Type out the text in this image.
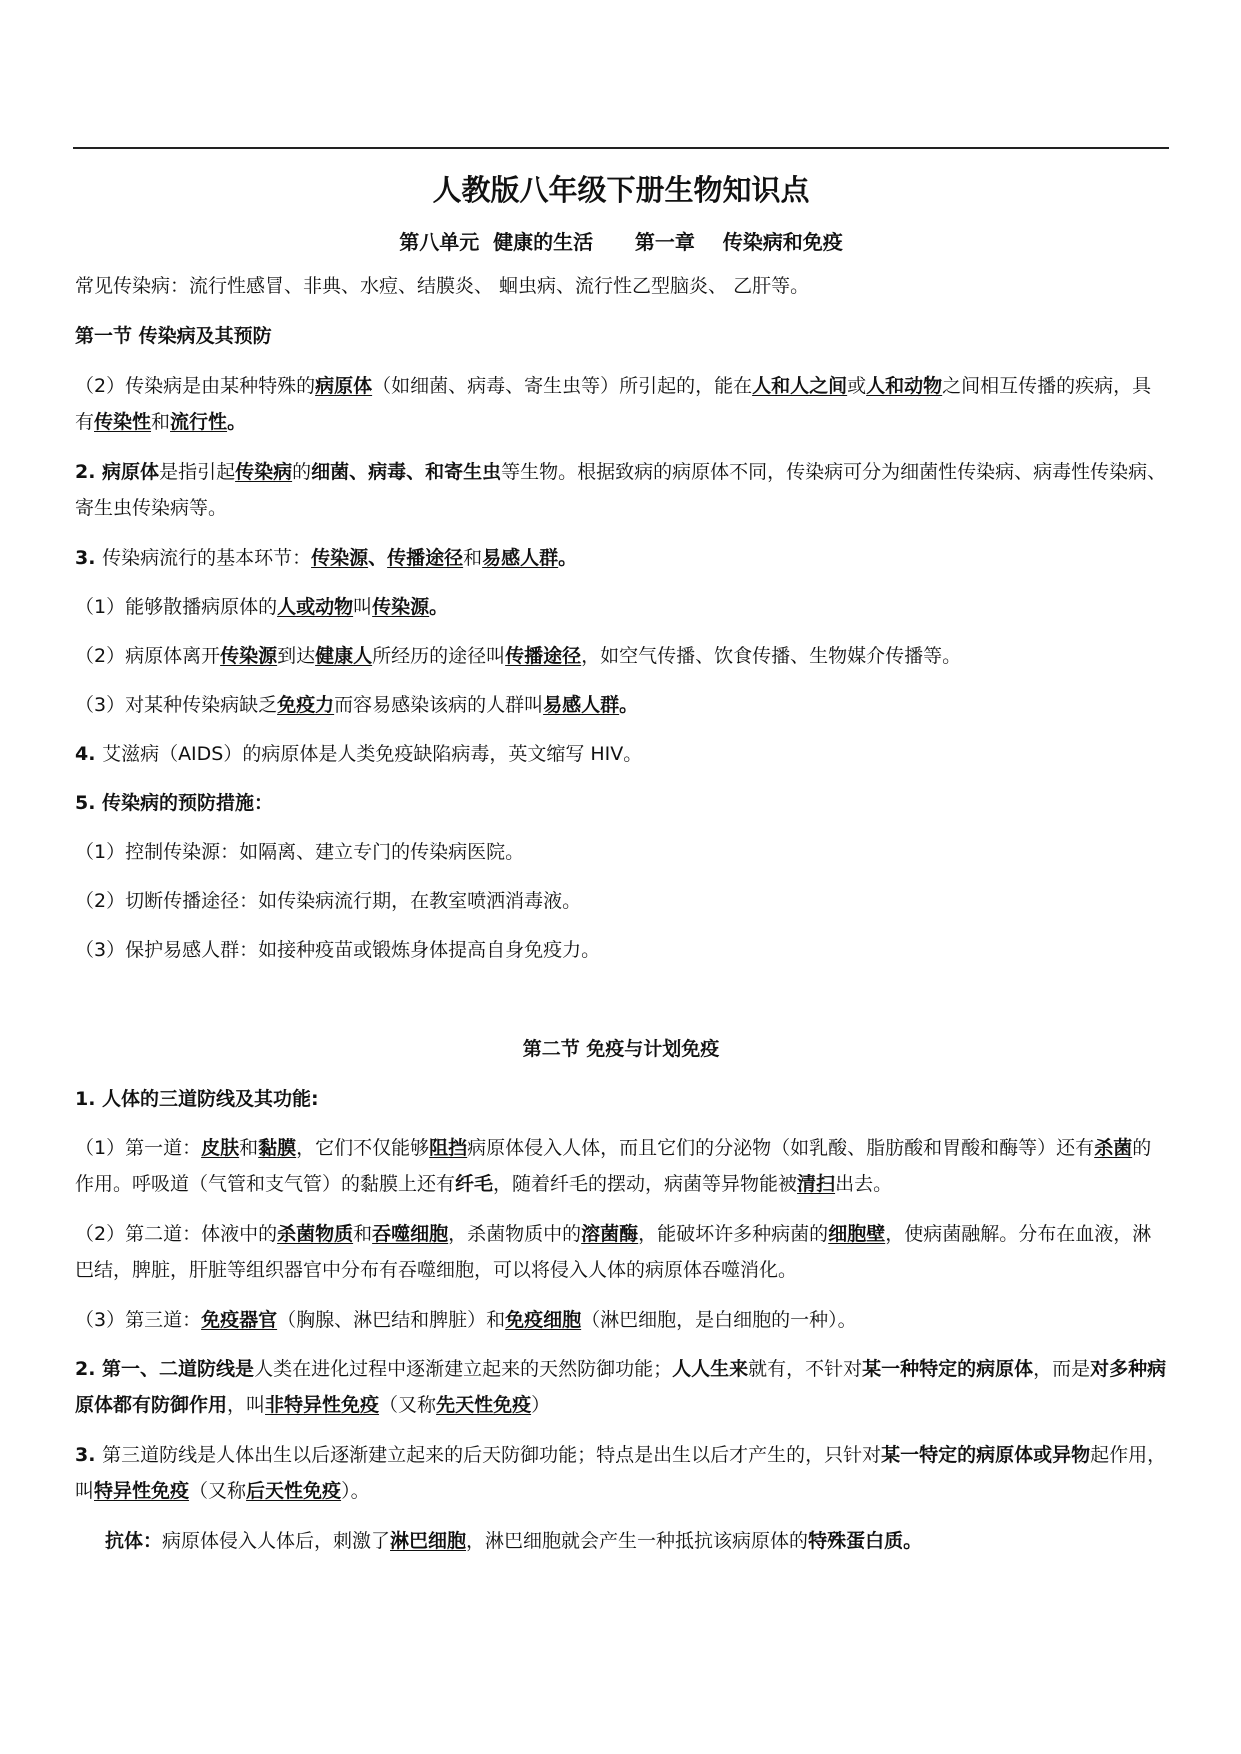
人教版八年级下册生物知识点
第八单元  健康的生活      第一章    传染病和免疫
常见传染病：流行性感冒、非典、水痘、结膜炎、 蛔虫病、流行性乙型脑炎、 乙肝等。
第一节 传染病及其预防
（2）传染病是由某种特殊的病原体（如细菌、病毒、寄生虫等）所引起的，能在人和人之间或人和动物之间相互传播的疾病，具有传染性和流行性。
2. 病原体是指引起传染病的细菌、病毒、和寄生虫等生物。根据致病的病原体不同，传染病可分为细菌性传染病、病毒性传染病、寄生虫传染病等。
3. 传染病流行的基本环节：传染源、传播途径和易感人群。
（1）能够散播病原体的人或动物叫传染源。
（2）病原体离开传染源到达健康人所经历的途径叫传播途径，如空气传播、饮食传播、生物媒介传播等。
（3）对某种传染病缺乏免疫力而容易感染该病的人群叫易感人群。
4. 艾滋病（AIDS）的病原体是人类免疫缺陷病毒，英文缩写 HIV。
5. 传染病的预防措施：
（1）控制传染源：如隔离、建立专门的传染病医院。
（2）切断传播途径：如传染病流行期，在教室喷洒消毒液。
（3）保护易感人群：如接种疫苗或锻炼身体提高自身免疫力。
第二节 免疫与计划免疫
1. 人体的三道防线及其功能:
（1）第一道：皮肤和黏膜，它们不仅能够阻挡病原体侵入人体，而且它们的分泌物（如乳酸、脂肪酸和胃酸和酶等）还有杀菌的作用。呼吸道（气管和支气管）的黏膜上还有纤毛，随着纤毛的摆动，病菌等异物能被清扫出去。
（2）第二道：体液中的杀菌物质和吞噬细胞，杀菌物质中的溶菌酶，能破坏许多种病菌的细胞壁，使病菌融解。分布在血液，淋巴结，脾脏，肝脏等组织器官中分布有吞噬细胞，可以将侵入人体的病原体吞噬消化。
（3）第三道：免疫器官（胸腺、淋巴结和脾脏）和免疫细胞（淋巴细胞，是白细胞的一种）。
2. 第一、二道防线是人类在进化过程中逐渐建立起来的天然防御功能；人人生来就有，不针对某一种特定的病原体，而是对多种病原体都有防御作用，叫非特异性免疫（又称先天性免疫）
3. 第三道防线是人体出生以后逐渐建立起来的后天防御功能；特点是出生以后才产生的，只针对某一特定的病原体或异物起作用，叫特异性免疫（又称后天性免疫）。
抗体：病原体侵入人体后，刺激了淋巴细胞，淋巴细胞就会产生一种抵抗该病原体的特殊蛋白质。
